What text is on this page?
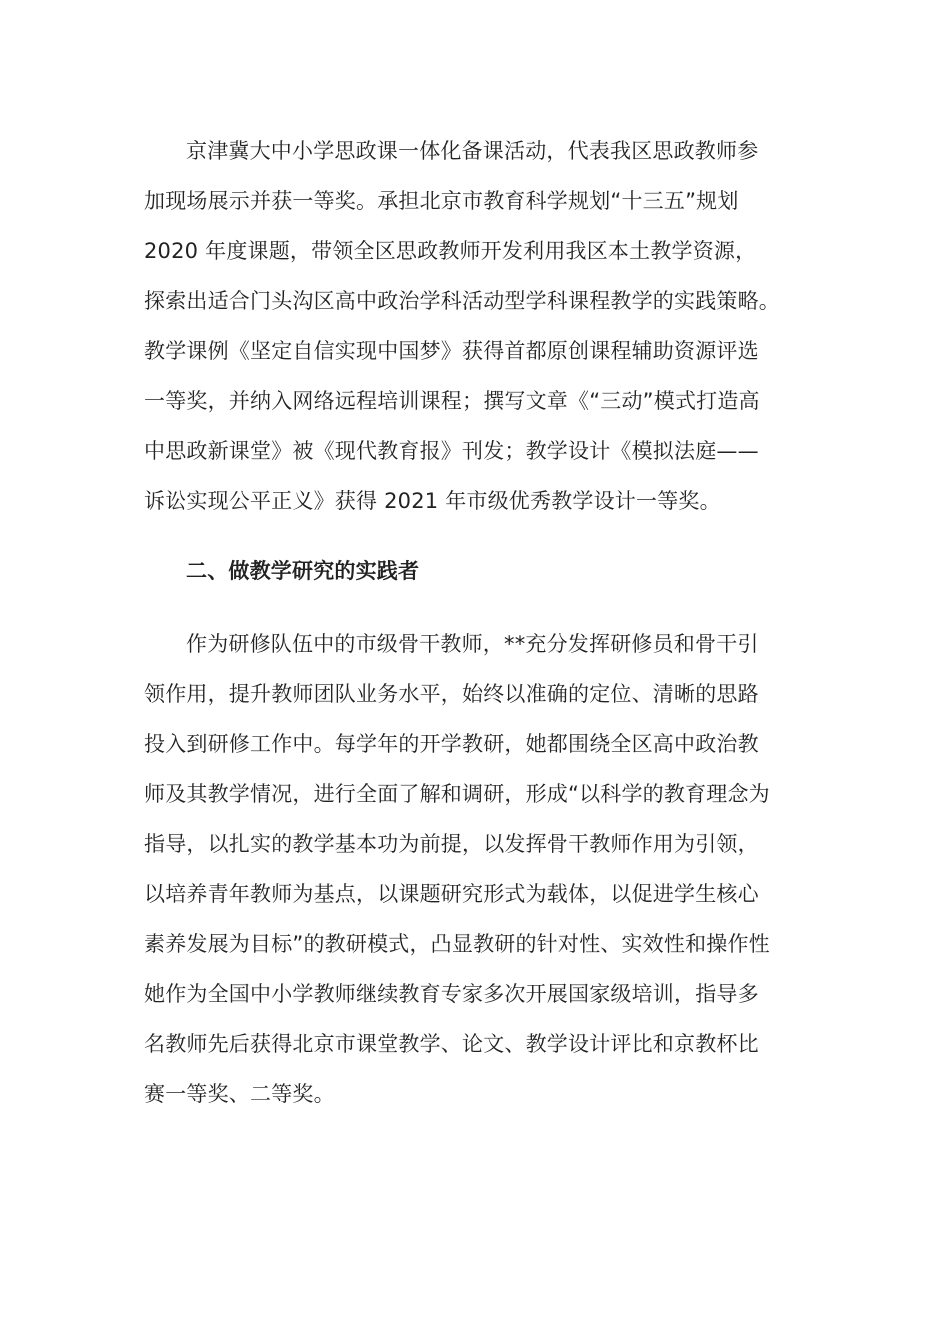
京津冀大中小学思政课一体化备课活动，代表我区思政教师参
加现场展示并获一等奖。承担北京市教育科学规划“十三五”规划
2020 年度课题，带领全区思政教师开发利用我区本土教学资源，
探索出适合门头沟区高中政治学科活动型学科课程教学的实践策略。
教学课例《坚定自信实现中国梦》获得首都原创课程辅助资源评选
一等奖，并纳入网络远程培训课程；撰写文章《“三动”模式打造高
中思政新课堂》被《现代教育报》刊发；教学设计《模拟法庭——
诉讼实现公平正义》获得 2021 年市级优秀教学设计一等奖。
二、做教学研究的实践者
作为研修队伍中的市级骨干教师，**充分发挥研修员和骨干引
领作用，提升教师团队业务水平，始终以准确的定位、清晰的思路
投入到研修工作中。每学年的开学教研，她都围绕全区高中政治教
师及其教学情况，进行全面了解和调研，形成“以科学的教育理念为
指导，以扎实的教学基本功为前提，以发挥骨干教师作用为引领，
以培养青年教师为基点，以课题研究形式为载体，以促进学生核心
素养发展为目标”的教研模式，凸显教研的针对性、实效性和操作性
她作为全国中小学教师继续教育专家多次开展国家级培训，指导多
名教师先后获得北京市课堂教学、论文、教学设计评比和京教杯比
赛一等奖、二等奖。
